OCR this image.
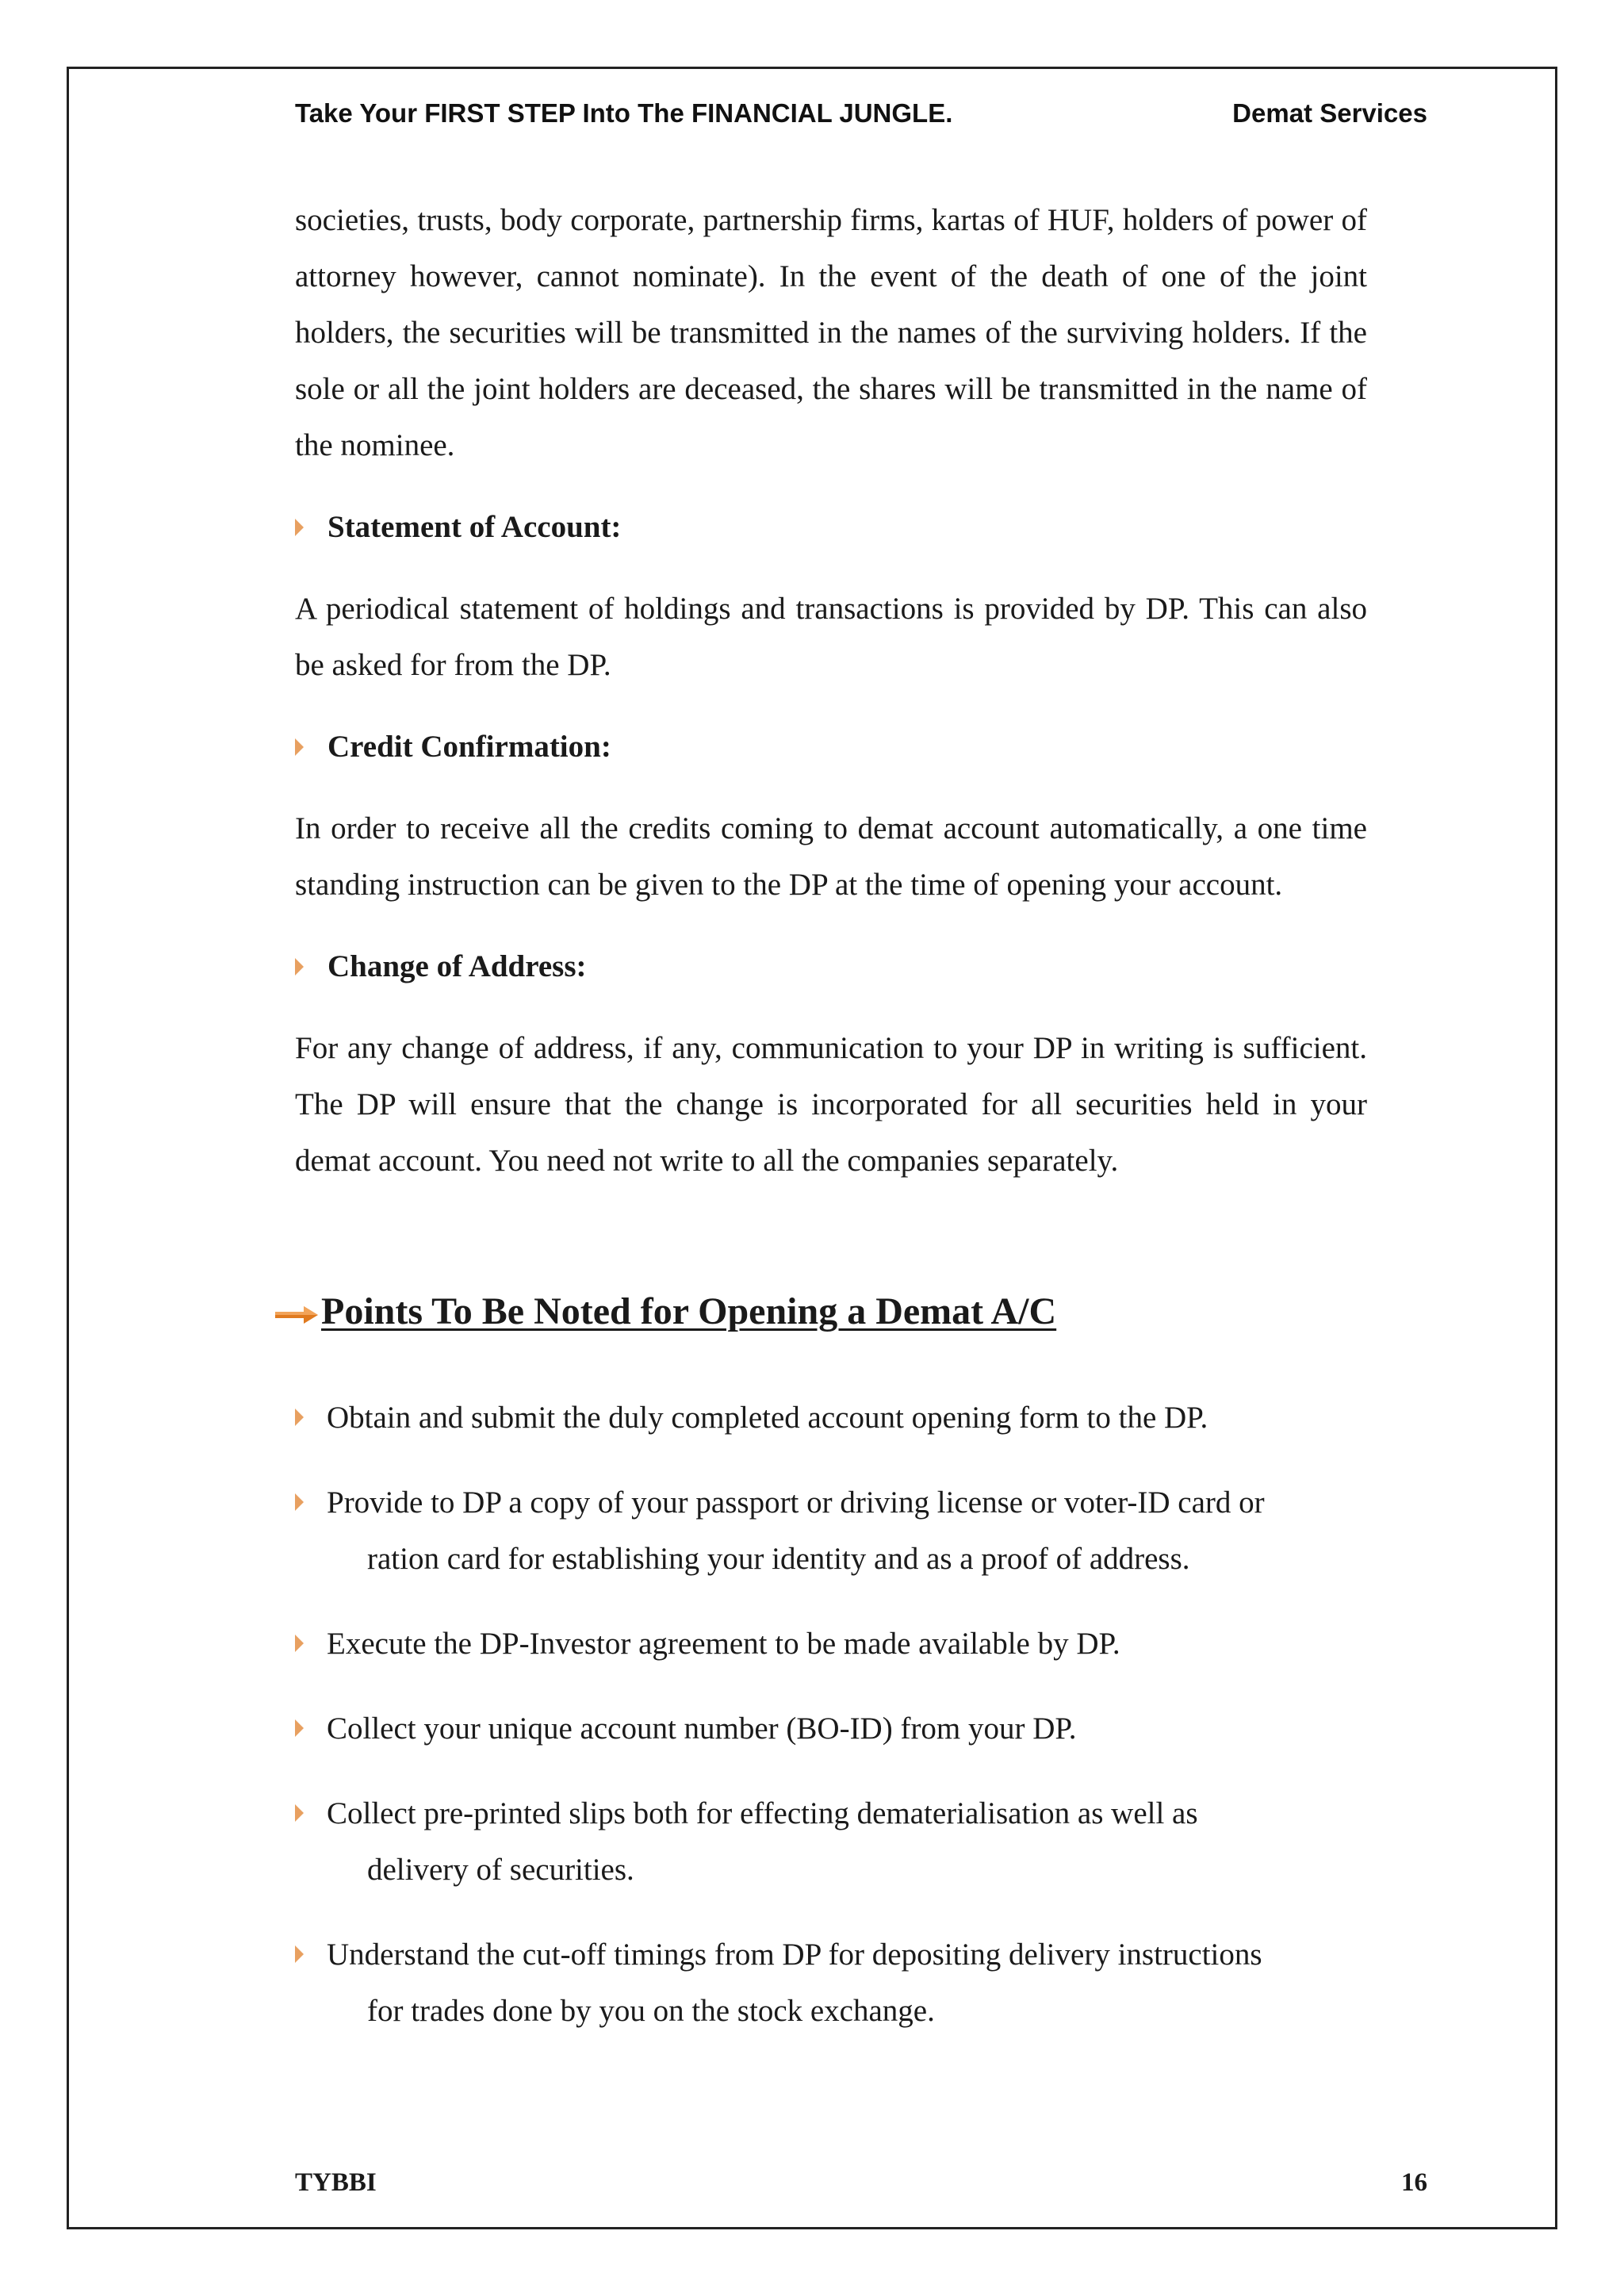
Take Your FIRST STEP Into The FINANCIAL JUNGLE.	Demat Services

societies, trusts, body corporate, partnership firms, kartas of HUF, holders of power of attorney however, cannot nominate). In the event of the death of one of the joint holders, the securities will be transmitted in the names of the surviving holders. If the sole or all the joint holders are deceased, the shares will be transmitted in the name of the nominee.

Statement of Account:

A periodical statement of holdings and transactions is provided by DP. This can also be asked for from the DP.

Credit Confirmation:

In order to receive all the credits coming to demat account automatically, a one time standing instruction can be given to the DP at the time of opening your account.

Change of Address:

For any change of address, if any, communication to your DP in writing is sufficient. The DP will ensure that the change is incorporated for all securities held in your demat account. You need not write to all the companies separately.

Points To Be Noted for Opening a Demat A/C

Obtain and submit the duly completed account opening form to the DP.

Provide to DP a copy of your passport or driving license or voter-ID card or
ration card for establishing your identity and as a proof of address.

Execute the DP-Investor agreement to be made available by DP.

Collect your unique account number (BO-ID) from your DP.

Collect pre-printed slips both for effecting dematerialisation as well as
delivery of securities.

Understand the cut-off timings from DP for depositing delivery instructions
for trades done by you on the stock exchange.

TYBBI	16
